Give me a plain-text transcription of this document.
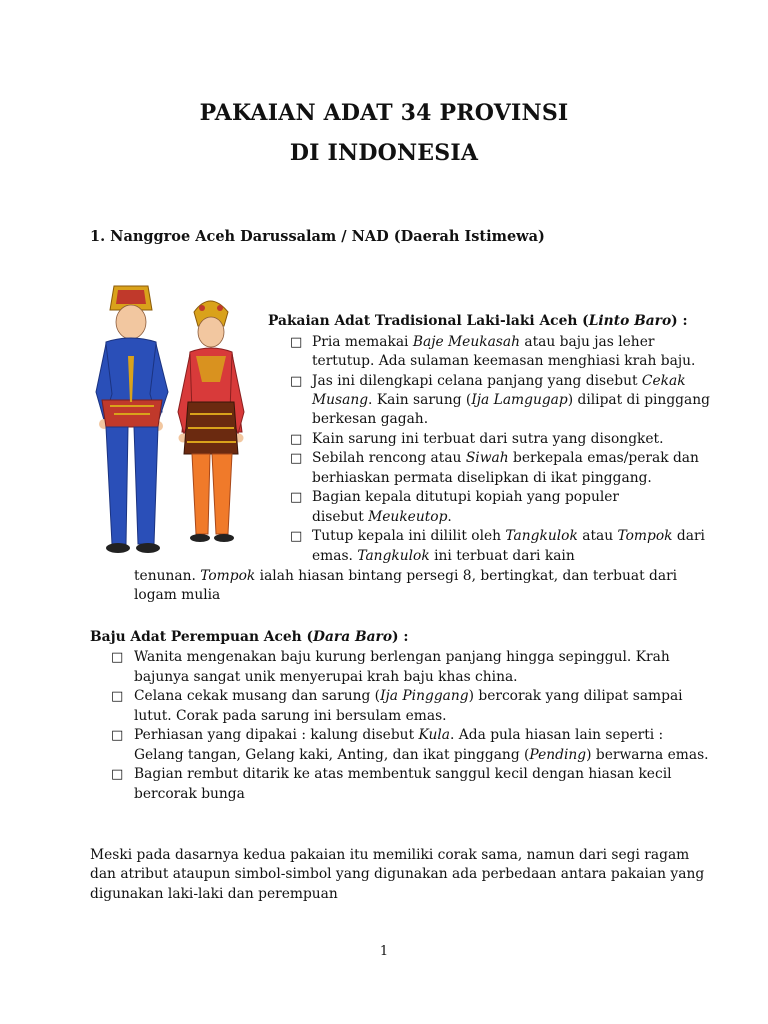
PAKAIAN ADAT 34 PROVINSI
DI INDONESIA
1. Nanggroe Aceh Darussalam / NAD (Daerah Istimewa)
Pakaian Adat Tradisional Laki-laki Aceh (Linto Baro) :
□ Pria memakai Baje Meukasah atau baju jas leher
tertutup. Ada sulaman keemasan menghiasi krah baju.
□ Jas ini dilengkapi celana panjang yang disebut Cekak
Musang. Kain sarung (Ija Lamgugap) dilipat di pinggang
berkesan gagah.
□ Kain sarung ini terbuat dari sutra yang disongket.
□ Sebilah rencong atau Siwah berkepala emas/perak dan
berhiaskan permata diselipkan di ikat pinggang.
□ Bagian kepala ditutupi kopiah yang populer
disebut Meukeutop.
□ Tutup kepala ini dililit oleh Tangkulok atau Tompok dari
emas. Tangkulok ini terbuat dari kain
tenunan. Tompok ialah hiasan bintang persegi 8, bertingkat, dan terbuat dari
logam mulia
Baju Adat Perempuan Aceh (Dara Baro) :
□ Wanita mengenakan baju kurung berlengan panjang hingga sepinggul. Krah
bajunya sangat unik menyerupai krah baju khas china.
□ Celana cekak musang dan sarung (Ija Pinggang) bercorak yang dilipat sampai
lutut. Corak pada sarung ini bersulam emas.
□ Perhiasan yang dipakai : kalung disebut Kula. Ada pula hiasan lain seperti :
Gelang tangan, Gelang kaki, Anting, dan ikat pinggang (Pending) berwarna emas.
□ Bagian rembut ditarik ke atas membentuk sanggul kecil dengan hiasan kecil
bercorak bunga
Meski pada dasarnya kedua pakaian itu memiliki corak sama, namun dari segi ragam
dan atribut ataupun simbol-simbol yang digunakan ada perbedaan antara pakaian yang
digunakan laki-laki dan perempuan
1
